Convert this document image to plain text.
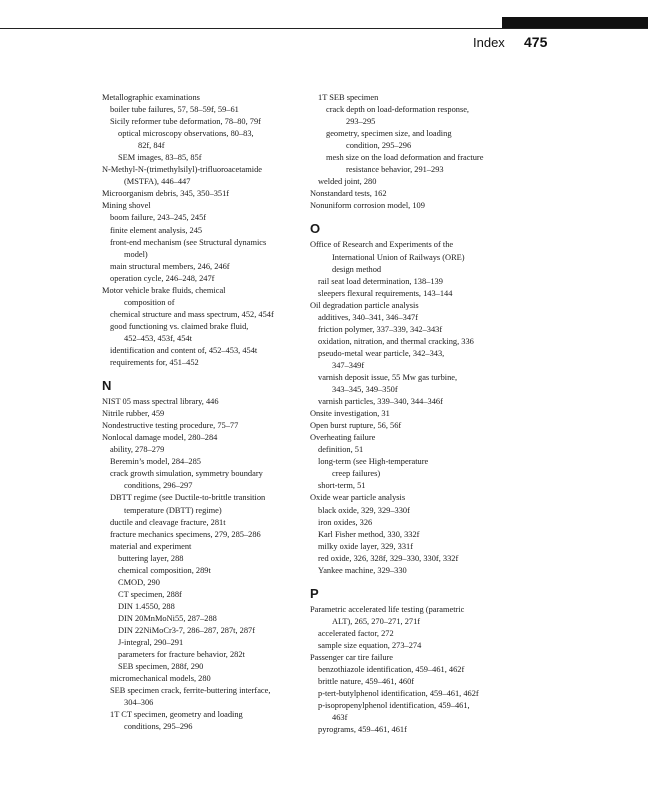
Index 475
Metallographic examinations
boiler tube failures, 57, 58–59f, 59–61
Sicily reformer tube deformation, 78–80, 79f
optical microscopy observations, 80–83,
82f, 84f
SEM images, 83–85, 85f
N-Methyl-N-(trimethylsilyl)-trifluoroacetamide
(MSTFA), 446–447
Microorganism debris, 345, 350–351f
Mining shovel
boom failure, 243–245, 245f
finite element analysis, 245
front-end mechanism (see Structural dynamics
model)
main structural members, 246, 246f
operation cycle, 246–248, 247f
Motor vehicle brake fluids, chemical
composition of
chemical structure and mass spectrum, 452, 454f
good functioning vs. claimed brake fluid,
452–453, 453f, 454t
identification and content of, 452–453, 454t
requirements for, 451–452
N
NIST 05 mass spectral library, 446
Nitrile rubber, 459
Nondestructive testing procedure, 75–77
Nonlocal damage model, 280–284
ability, 278–279
Beremin’s model, 284–285
crack growth simulation, symmetry boundary
conditions, 296–297
DBTT regime (see Ductile-to-brittle transition
temperature (DBTT) regime)
ductile and cleavage fracture, 281t
fracture mechanics specimens, 279, 285–286
material and experiment
buttering layer, 288
chemical composition, 289t
CMOD, 290
CT specimen, 288f
DIN 1.4550, 288
DIN 20MnMoNi55, 287–288
DIN 22NiMoCr3-7, 286–287, 287t, 287f
J-integral, 290–291
parameters for fracture behavior, 282t
SEB specimen, 288f, 290
micromechanical models, 280
SEB specimen crack, ferrite-buttering interface,
304–306
1T CT specimen, geometry and loading
conditions, 295–296
1T SEB specimen
crack depth on load-deformation response,
293–295
geometry, specimen size, and loading
condition, 295–296
mesh size on the load deformation and fracture
resistance behavior, 291–293
welded joint, 280
Nonstandard tests, 162
Nonuniform corrosion model, 109
O
Office of Research and Experiments of the
International Union of Railways (ORE)
design method
rail seat load determination, 138–139
sleepers flexural requirements, 143–144
Oil degradation particle analysis
additives, 340–341, 346–347f
friction polymer, 337–339, 342–343f
oxidation, nitration, and thermal cracking, 336
pseudo-metal wear particle, 342–343,
347–349f
varnish deposit issue, 55 Mw gas turbine,
343–345, 349–350f
varnish particles, 339–340, 344–346f
Onsite investigation, 31
Open burst rupture, 56, 56f
Overheating failure
definition, 51
long-term (see High-temperature
creep failures)
short-term, 51
Oxide wear particle analysis
black oxide, 329, 329–330f
iron oxides, 326
Karl Fisher method, 330, 332f
milky oxide layer, 329, 331f
red oxide, 326, 328f, 329–330, 330f, 332f
Yankee machine, 329–330
P
Parametric accelerated life testing (parametric
ALT), 265, 270–271, 271f
accelerated factor, 272
sample size equation, 273–274
Passenger car tire failure
benzothiazole identification, 459–461, 462f
brittle nature, 459–461, 460f
p-tert-butylphenol identification, 459–461, 462f
p-isopropenylphenol identification, 459–461,
463f
pyrograms, 459–461, 461f
